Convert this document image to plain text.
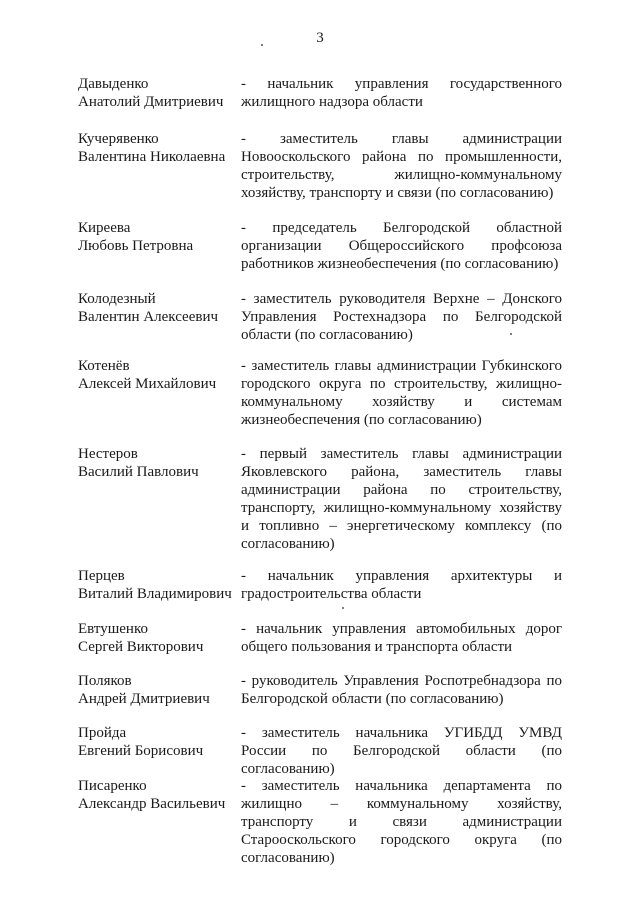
3
Давыденко
Анатолий Дмитриевич
- начальник управления государственного жилищного надзора области
Кучерявенко
Валентина Николаевна
- заместитель главы администрации Новооскольского района по промышленности, строительству, жилищно-коммунальному хозяйству, транспорту и связи (по согласованию)
Киреева
Любовь Петровна
- председатель Белгородской областной организации Общероссийского профсоюза работников жизнеобеспечения (по согласованию)
Колодезный
Валентин Алексеевич
- заместитель руководителя Верхне – Донского Управления Ростехнадзора по Белгородской области (по согласованию)
Котенёв
Алексей Михайлович
- заместитель главы администрации Губкинского городского округа по строительству, жилищно-коммунальному хозяйству и системам жизнеобеспечения (по согласованию)
Нестеров
Василий Павлович
- первый заместитель главы администрации Яковлевского района, заместитель главы администрации района по строительству, транспорту, жилищно-коммунальному хозяйству и топливно – энергетическому комплексу (по согласованию)
Перцев
Виталий Владимирович
- начальник управления архитектуры и градостроительства области
Евтушенко
Сергей Викторович
- начальник управления автомобильных дорог общего пользования и транспорта области
Поляков
Андрей Дмитриевич
- руководитель Управления Роспотребнадзора по Белгородской области (по согласованию)
Пройда
Евгений Борисович
- заместитель начальника УГИБДД УМВД России по Белгородской области (по согласованию)
Писаренко
Александр Васильевич
- заместитель начальника департамента по жилищно – коммунальному хозяйству, транспорту и связи администрации Старооскольского городского округа (по согласованию)
